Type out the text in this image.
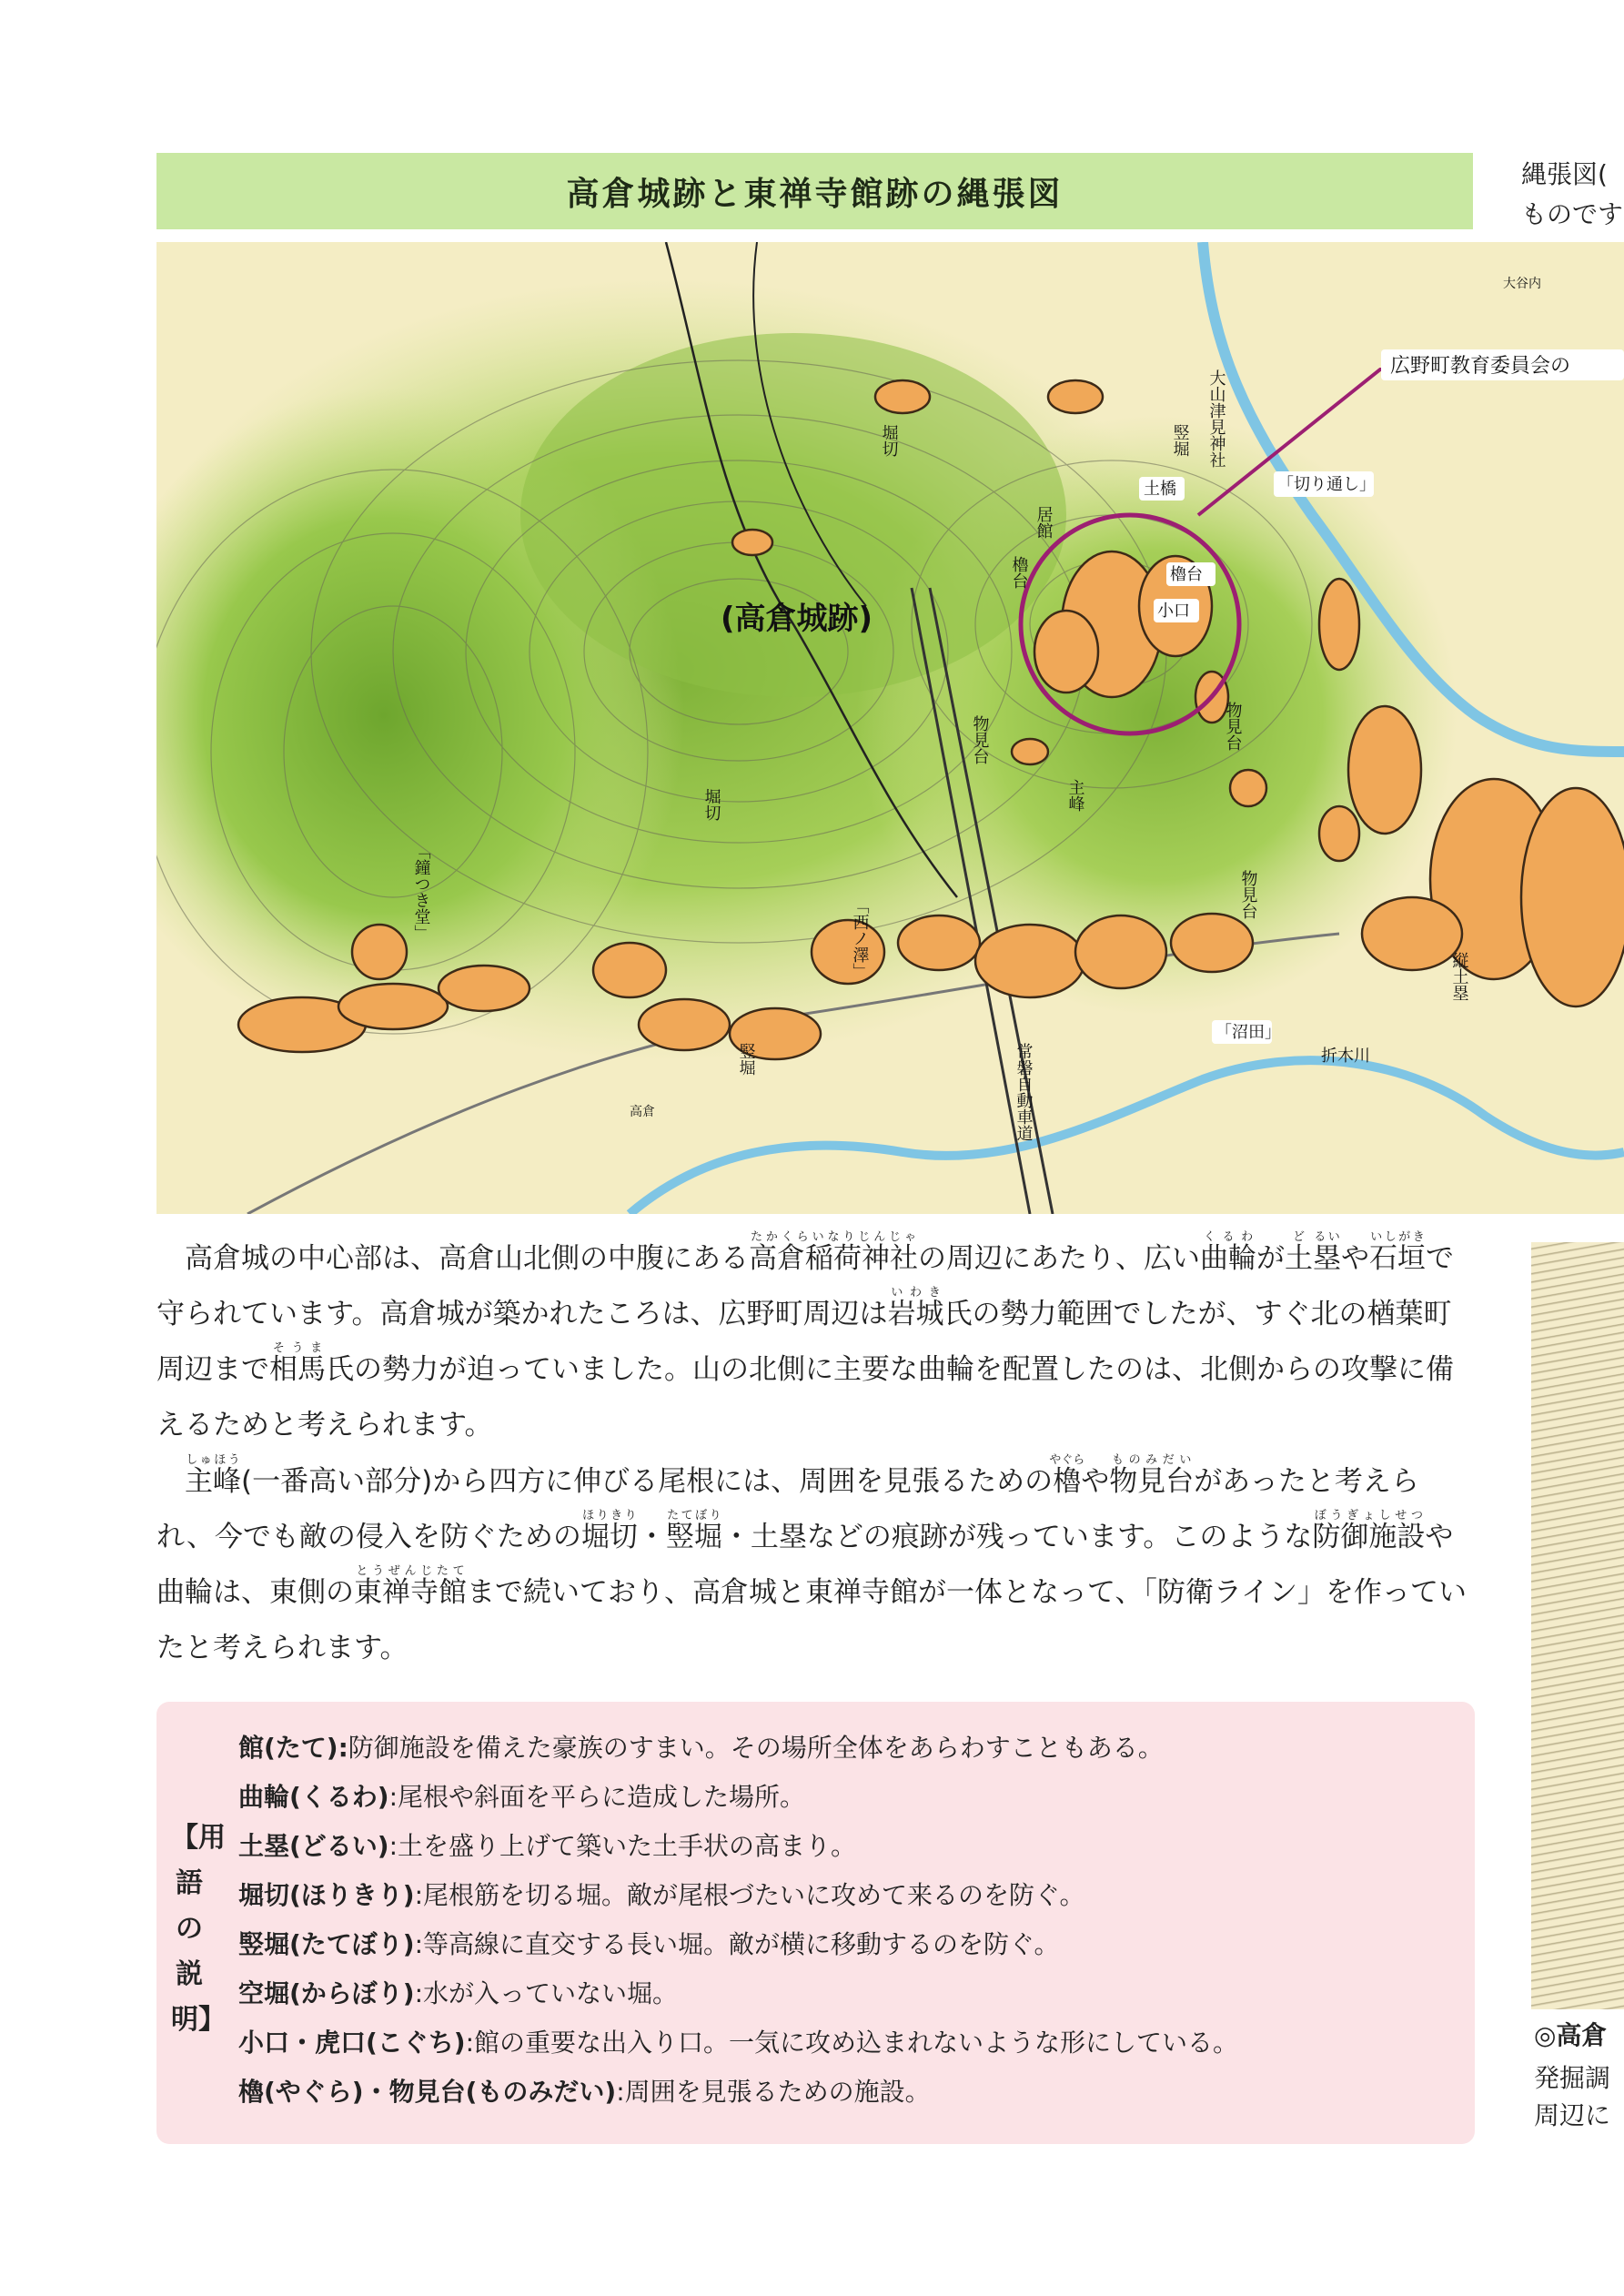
高倉城跡と東禅寺館跡の縄張図
縄張図(
ものです
広野町教育委員会の
(高倉城跡)
大山津見神社
堀切	竪堀
土橋	「切り通し」
居館
櫓台	櫓台
小口
物見台	物見台
物見台
主峰
堀切
「鐘つき堂」	「西ノ澤」
竪堀
「沼田」
折木川
縦土塁
常磐自動車道
大谷内
高倉

高倉城の中心部は、高倉山北側の中腹にある高倉稲荷神社たかくらいなりじんじゃの周辺にあたり、広い曲輪くるわが土ど塁るいや石垣いしがきで守られています。高倉城が築かれたころは、広野町周辺は岩城いわき氏の勢力範囲でしたが、すぐ北の楢葉町周辺まで相馬そうま氏の勢力が迫っていました。山の北側に主要な曲輪を配置したのは、北側からの攻撃に備えるためと考えられます。

主峰しゅほう(一番高い部分)から四方に伸びる尾根には、周囲を見張るための櫓やぐらや物見台ものみだいがあったと考えられ、今でも敵の侵入を防ぐための堀切ほりきり・竪堀たてぼり・土塁などの痕跡が残っています。このような防御施設ぼうぎょしせつや曲輪は、東側の東禅寺館とうぜんじたてまで続いており、高倉城と東禅寺館が一体となって、「防衛ライン」を作っていたと考えられます。

【用語の説明】
館(たて):防御施設を備えた豪族のすまい。その場所全体をあらわすこともある。
曲輪(くるわ):尾根や斜面を平らに造成した場所。
土塁(どるい):土を盛り上げて築いた土手状の高まり。
堀切(ほりきり):尾根筋を切る堀。敵が尾根づたいに攻めて来るのを防ぐ。
竪堀(たてぼり):等高線に直交する長い堀。敵が横に移動するのを防ぐ。
空堀(からぼり):水が入っていない堀。
小口・虎口(こぐち):館の重要な出入り口。一気に攻め込まれないような形にしている。
櫓(やぐら)・物見台(ものみだい):周囲を見張るための施設。
◎高倉
発掘調
周辺に
